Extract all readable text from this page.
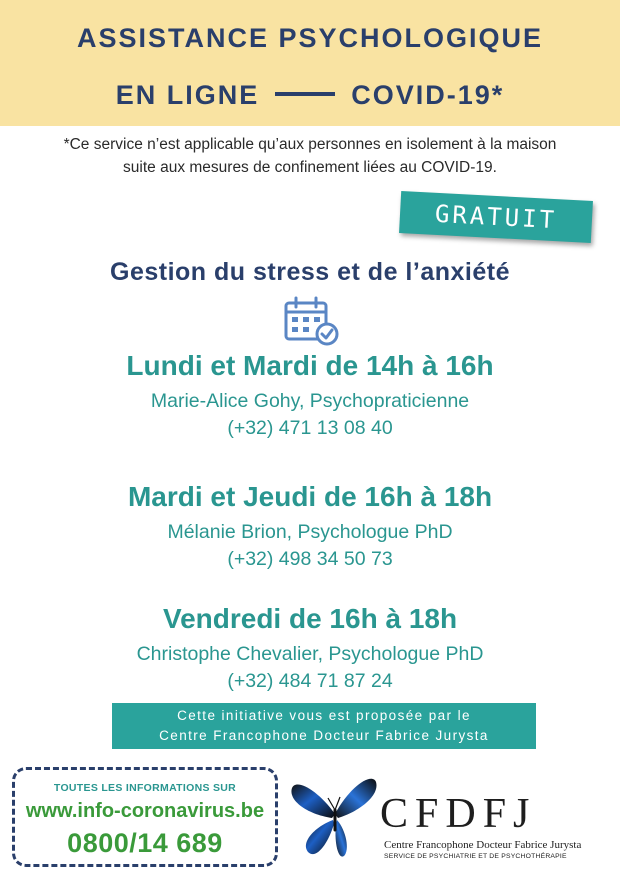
ASSISTANCE PSYCHOLOGIQUE
EN LIGNE	COVID-19*
*Ce service n’est applicable qu’aux personnes en isolement à la maison
suite aux mesures de confinement liées au COVID-19.
GRATUIT
Gestion du stress et de l’anxiété
Lundi et Mardi de 14h à 16h
Marie-Alice Gohy, Psychopraticienne
(+32) 471 13 08 40
Mardi et Jeudi de 16h à 18h
Mélanie Brion, Psychologue PhD
(+32) 498 34 50 73
Vendredi de 16h à 18h
Christophe Chevalier, Psychologue PhD
(+32) 484 71 87 24
Cette initiative vous est proposée par le
Centre Francophone Docteur Fabrice Jurysta
TOUTES LES INFORMATIONS SUR
www.info-coronavirus.be
0800/14 689
CFDFJ
Centre Francophone Docteur Fabrice Jurysta
SERVICE DE PSYCHIATRIE ET DE PSYCHOTHÉRAPIE
